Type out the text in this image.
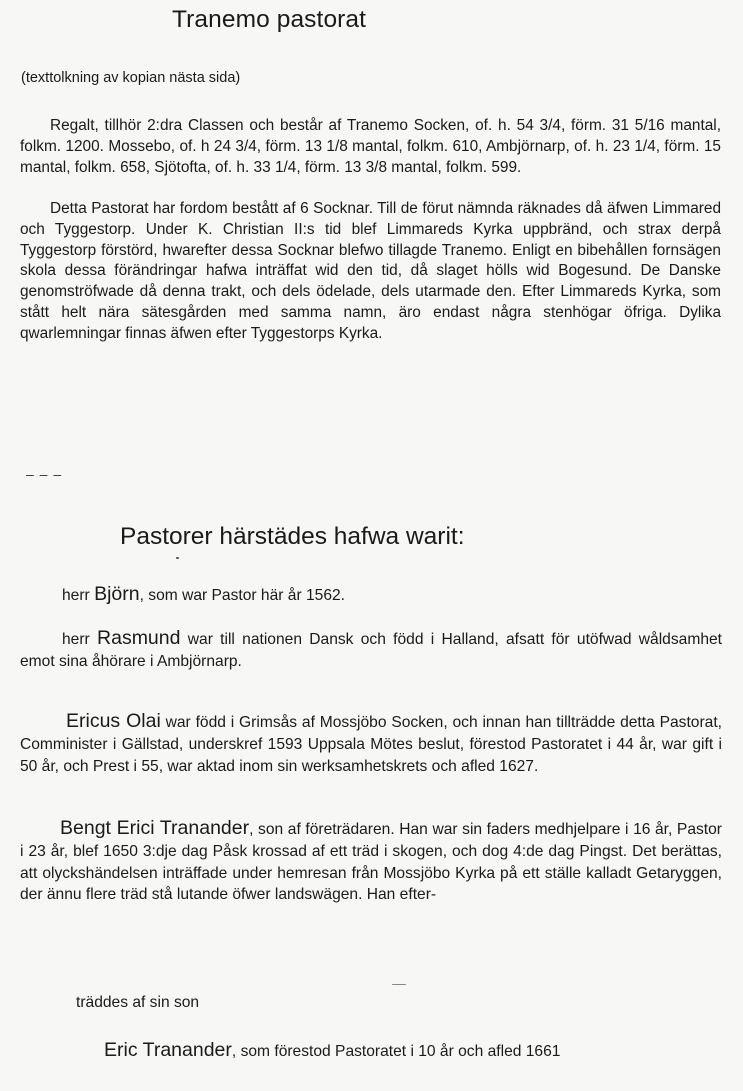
Tranemo pastorat
(texttolkning av kopian nästa sida)
Regalt, tillhör 2:dra Classen och består af Tranemo Socken, of. h. 54 3/4, förm. 31 5/16 mantal, folkm. 1200. Mossebo, of. h 24 3/4, förm. 13 1/8 mantal, folkm. 610, Ambjörnarp, of. h. 23 1/4, förm. 15 mantal, folkm. 658, Sjötofta, of. h. 33 1/4, förm. 13 3/8 mantal, folkm. 599.
Detta Pastorat har fordom bestått af 6 Socknar. Till de förut nämnda räknades då äfwen Limmared och Tyggestorp. Under K. Christian II:s tid blef Limmareds Kyrka uppbränd, och strax derpå Tyggestorp förstörd, hwarefter dessa Socknar blefwo tillagde Tranemo. Enligt en bibehållen fornsägen skola dessa förändringar hafwa inträffat wid den tid, då slaget hölls wid Bogesund. De Danske genomströfwade då denna trakt, och dels ödelade, dels utarmade den. Efter Limmareds Kyrka, som stått helt nära sätesgården med samma namn, äro endast några stenhögar öfriga. Dylika qwarlemningar finnas äfwen efter Tyggestorps Kyrka.
– – –
Pastorer härstädes hafwa warit:
herr Björn, som war Pastor här år 1562.
herr Rasmund war till nationen Dansk och född i Halland, afsatt för utöfwad wåldsamhet emot sina åhörare i Ambjörnarp.
Ericus Olai war född i Grimsås af Mossjöbo Socken, och innan han tillträdde detta Pastorat, Comminister i Gällstad, underskref 1593 Uppsala Mötes beslut, förestod Pastoratet i 44 år, war gift i 50 år, och Prest i 55, war aktad inom sin werksamhetskrets och afled 1627.
Bengt Erici Tranander, son af företrädaren. Han war sin faders medhjelpare i 16 år, Pastor i 23 år, blef 1650 3:dje dag Påsk krossad af ett träd i skogen, och dog 4:de dag Pingst. Det berättas, att olyckshändelsen inträffade under hemresan från Mossjöbo Kyrka på ett ställe kalladt Getaryggen, der ännu flere träd stå lutande öfwer landswägen. Han efter-
träddes af sin son
Eric Tranander, som förestod Pastoratet i 10 år och afled 1661
